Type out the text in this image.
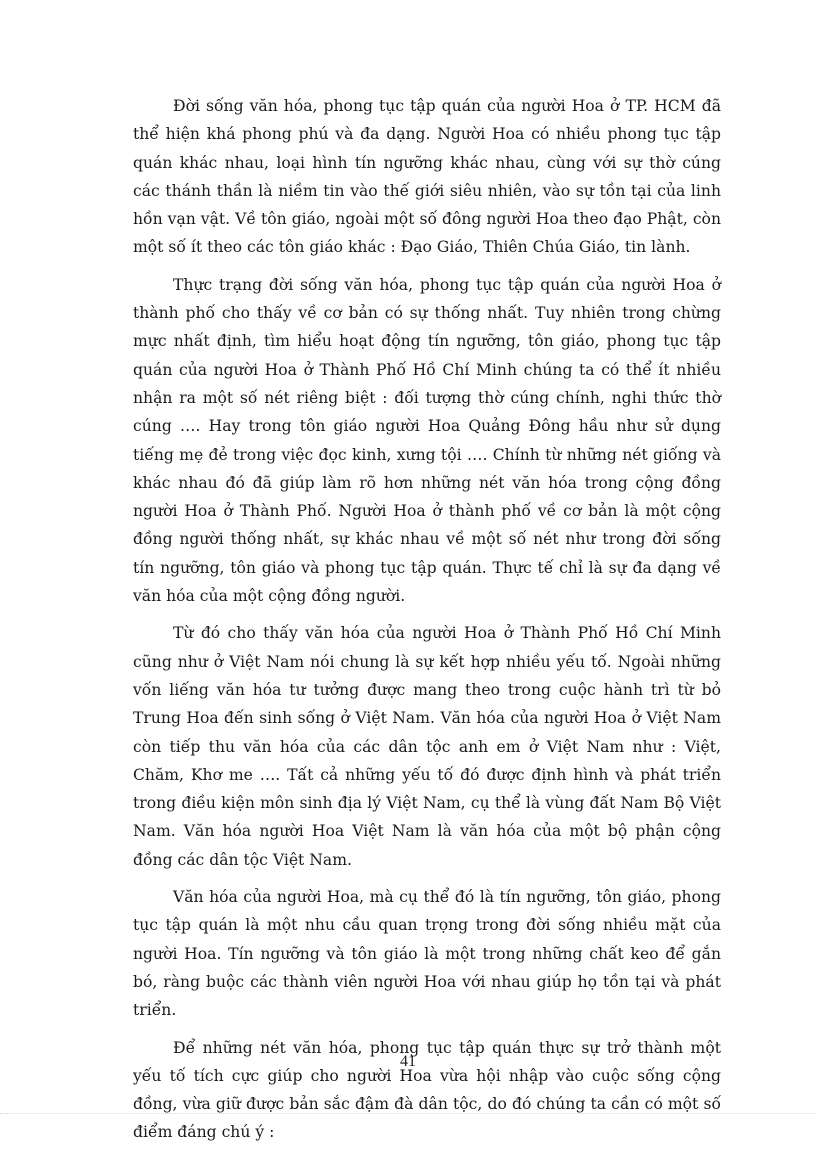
Đời sống văn hóa, phong tục tập quán của người Hoa ở TP. HCM đã thể hiện khá phong phú và đa dạng. Người Hoa có nhiều phong tục tập quán khác nhau, loại hình tín ngưỡng khác nhau, cùng với sự thờ cúng các thánh thần là niềm tin vào thế giới siêu nhiên, vào sự tồn tại của linh hồn vạn vật. Về tôn giáo, ngoài một số đông người Hoa theo đạo Phật, còn một số ít theo các tôn giáo khác : Đạo Giáo, Thiên Chúa Giáo, tin lành.

Thực trạng đời sống văn hóa, phong tục tập quán của người Hoa ở thành phố cho thấy về cơ bản có sự thống nhất. Tuy nhiên trong chừng mực nhất định, tìm hiểu hoạt động tín ngưỡng, tôn giáo, phong tục tập quán của người Hoa ở Thành Phố Hồ Chí Minh chúng ta có thể ít nhiều nhận ra một số nét riêng biệt : đối tượng thờ cúng chính, nghi thức thờ cúng …. Hay trong tôn giáo người Hoa Quảng Đông hầu như sử dụng tiếng mẹ đẻ trong việc đọc kinh, xưng tội …. Chính từ những nét giống và khác nhau đó đã giúp làm rõ hơn những nét văn hóa trong cộng đồng người Hoa ở Thành Phố. Người Hoa ở thành phố về cơ bản là một cộng đồng người thống nhất, sự khác nhau về một số nét như trong đời sống tín ngưỡng, tôn giáo và phong tục tập quán. Thực tế chỉ là sự đa dạng về văn hóa của một cộng đồng người.

Từ đó cho thấy văn hóa của người Hoa ở Thành Phố Hồ Chí Minh cũng như ở Việt Nam nói chung là sự kết hợp nhiều yếu tố. Ngoài những vốn liếng văn hóa tư tưởng được mang theo trong cuộc hành trì từ bỏ Trung Hoa đến sinh sống ở Việt Nam. Văn hóa của người Hoa ở Việt Nam còn tiếp thu văn hóa của các dân tộc anh em ở Việt Nam như : Việt, Chăm, Khơ me …. Tất cả những yếu tố đó được định hình và phát triển trong điều kiện môn sinh địa lý Việt Nam, cụ thể là vùng đất Nam Bộ Việt Nam. Văn hóa người Hoa Việt Nam là văn hóa của một bộ phận cộng đồng các dân tộc Việt Nam.

Văn hóa của người Hoa, mà cụ thể đó là tín ngưỡng, tôn giáo, phong tục tập quán là một nhu cầu quan trọng trong đời sống nhiều mặt của người Hoa. Tín ngưỡng và tôn giáo là một trong những chất keo để gắn bó, ràng buộc các thành viên người Hoa với nhau giúp họ tồn tại và phát triển.

Để những nét văn hóa, phong tục tập quán thực sự trở thành một yếu tố tích cực giúp cho người Hoa vừa hội nhập vào cuộc sống cộng đồng, vừa giữ được bản sắc đậm đà dân tộc, do đó chúng ta cần có một số điểm đáng chú ý :

41
